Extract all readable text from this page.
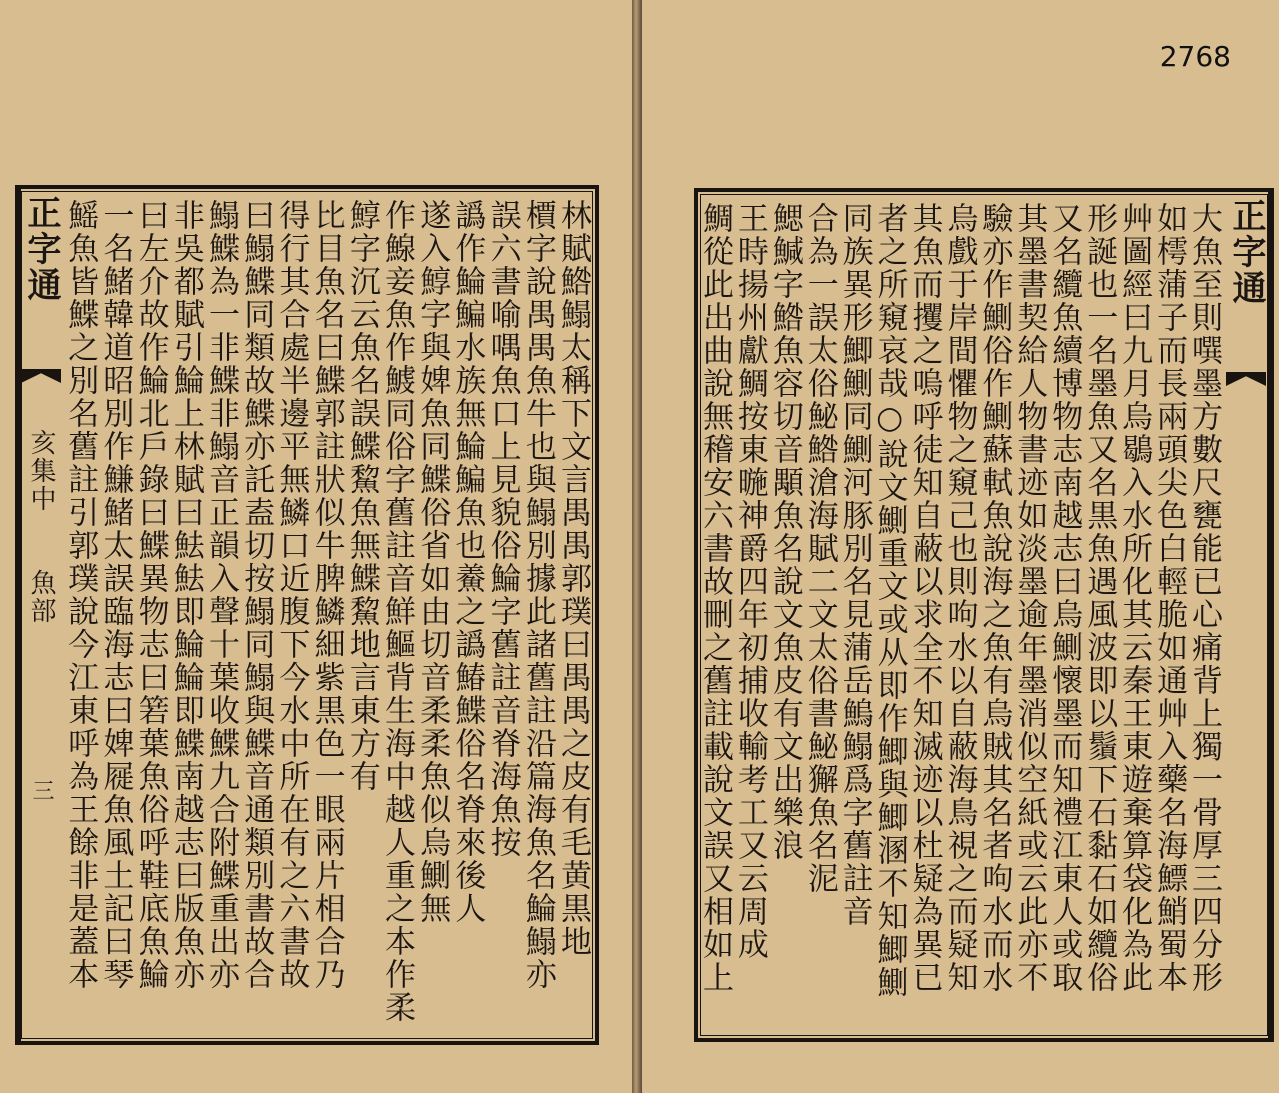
正字通
亥集中
魚部
三	林賦鯦鰨太稱下文言禺禺郭璞曰禺禺之皮有毛黄黒地
檟字說禺禺魚牛也與鰨別據此諸舊註沿篇海魚名鯩鰨亦
誤六書喻喁魚口上見貌俗鯩字舊註音脊海魚按
譌作鯩鯿水族無鯩鯿魚也鯗之譌鰆鰈俗名脊來後人
遂入鯙字與婢魚同鰈俗省如由切音柔柔魚似烏鰂無
作鰁妾魚作鰬同俗字舊註音鮮鰸背生海中越人重之本作柔
鯙字沉云魚名誤鰈鯬魚無鰈鯬地言東方有
比目魚名曰鰈郭註狀似牛脾鱗細紫黒色一眼兩片相合乃
得行其合處半邊平無鱗口近腹下今水中所在有之六書故
曰鰨鰈同類故鰈亦託盍切按鰨同鰨與鰈音通類別書故合
鰨鰈為一非鰈非鰨音正韻入聲十葉收鰈九合附鰈重出亦
非吳都賦引鯩上林賦曰魼魼即鯩鯩即鰈南越志曰版魚亦
曰左介故作鯩北戶錄曰鰈異物志曰箬葉魚俗呼鞋底魚鯩
一名鯺韓道昭別作鰜鯺太誤臨海志曰婢屣魚風土記曰琴
鰩魚皆鰈之別名舊註引郭璞說今江東呼為王餘非是蓋本
2768
正字通
大魚至則噀墨方數尺甕能已心痛背上獨一骨厚三四分形
如樗蒲子而長兩頭尖色白輕脆如通艸入藥名海鰾鮹蜀本
艸圖經曰九月烏鶡入水所化其云秦王東遊棄算袋化為此
形誕也一名墨魚又名黒魚遇風波即以鬚下石黏石如纜俗
又名纜魚續博物志南越志曰烏鰂懷墨而知禮江東人或取
其墨書契給人物書迹如淡墨逾年墨消似空紙或云此亦不
驗亦作鰂俗作鰂蘇軾魚說海之魚有烏賊其名者呴水而水
烏戲于岸間懼物之窺己也則呴水以自蔽海鳥視之而疑知
其魚而攫之嗚呼徒知自蔽以求全不知滅迹以杜疑為異已
者之所窺哀哉○說文鰂重文或从即作鯽與鯽溷不知鯽鰂
同族異形鯽鰂同鰂河豚別名見蒲岳鰞鰨爲字舊註音
合為一誤太俗鮅鯦滄海賦二文太俗書鮅獬魚名泥
鰓鰔字鯦魚容切音顒魚名說文魚皮有文出樂浪
王時揚州獻鯛按東暆神爵四年初捕收輸考工又云周成
鯛從此出曲說無稽安六書故刪之舊註載說文誤又相如上
